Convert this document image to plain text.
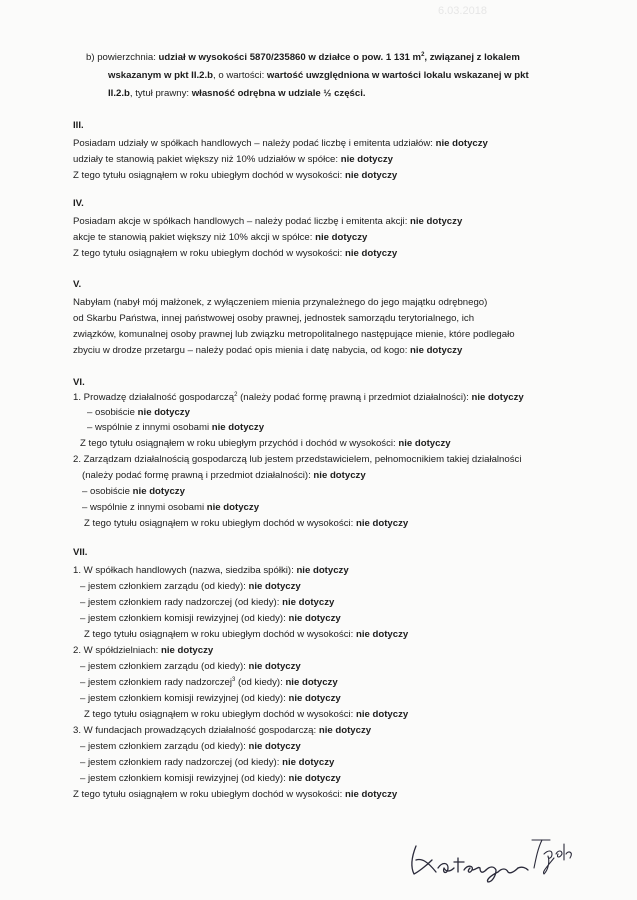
6.03.2018
b) powierzchnia: udział w wysokości 5870/235860 w działce o pow. 1 131 $m^2$, związanej z lokalem
wskazanym w pkt II.2.b, o wartości: wartość uwzględniona w wartości lokalu wskazanej w pkt
II.2.b, tytuł prawny: własność odrębna w udziale ½ części.
III.
Posiadam udziały w spółkach handlowych – należy podać liczbę i emitenta udziałów: nie dotyczy
udziały te stanowią pakiet większy niż 10% udziałów w spółce: nie dotyczy
Z tego tytułu osiągnąłem w roku ubiegłym dochód w wysokości: nie dotyczy
IV.
Posiadam akcje w spółkach handlowych – należy podać liczbę i emitenta akcji: nie dotyczy
akcje te stanowią pakiet większy niż 10% akcji w spółce: nie dotyczy
Z tego tytułu osiągnąłem w roku ubiegłym dochód w wysokości: nie dotyczy
V.
Nabyłam (nabył mój małżonek, z wyłączeniem mienia przynależnego do jego majątku odrębnego)
od Skarbu Państwa, innej państwowej osoby prawnej, jednostek samorządu terytorialnego, ich
związków, komunalnej osoby prawnej lub związku metropolitalnego następujące mienie, które podlegało
zbyciu w drodze przetargu – należy podać opis mienia i datę nabycia, od kogo: nie dotyczy
VI.
1. Prowadzę działalność gospodarczą$^2$ (należy podać formę prawną i przedmiot działalności): nie dotyczy
– osobiście nie dotyczy
– wspólnie z innymi osobami nie dotyczy
Z tego tytułu osiągnąłem w roku ubiegłym przychód i dochód w wysokości: nie dotyczy
2. Zarządzam działalnością gospodarczą lub jestem przedstawicielem, pełnomocnikiem takiej działalności
(należy podać formę prawną i przedmiot działalności): nie dotyczy
– osobiście nie dotyczy
– wspólnie z innymi osobami nie dotyczy
Z tego tytułu osiągnąłem w roku ubiegłym dochód w wysokości: nie dotyczy
VII.
1. W spółkach handlowych (nazwa, siedziba spółki): nie dotyczy
– jestem członkiem zarządu (od kiedy): nie dotyczy
– jestem członkiem rady nadzorczej (od kiedy): nie dotyczy
– jestem członkiem komisji rewizyjnej (od kiedy): nie dotyczy
Z tego tytułu osiągnąłem w roku ubiegłym dochód w wysokości: nie dotyczy
2. W spółdzielniach: nie dotyczy
– jestem członkiem zarządu (od kiedy): nie dotyczy
– jestem członkiem rady nadzorczej$^3$ (od kiedy): nie dotyczy
– jestem członkiem komisji rewizyjnej (od kiedy): nie dotyczy
Z tego tytułu osiągnąłem w roku ubiegłym dochód w wysokości: nie dotyczy
3. W fundacjach prowadzących działalność gospodarczą: nie dotyczy
– jestem członkiem zarządu (od kiedy): nie dotyczy
– jestem członkiem rady nadzorczej (od kiedy): nie dotyczy
– jestem członkiem komisji rewizyjnej (od kiedy): nie dotyczy
Z tego tytułu osiągnąłem w roku ubiegłym dochód w wysokości: nie dotyczy
